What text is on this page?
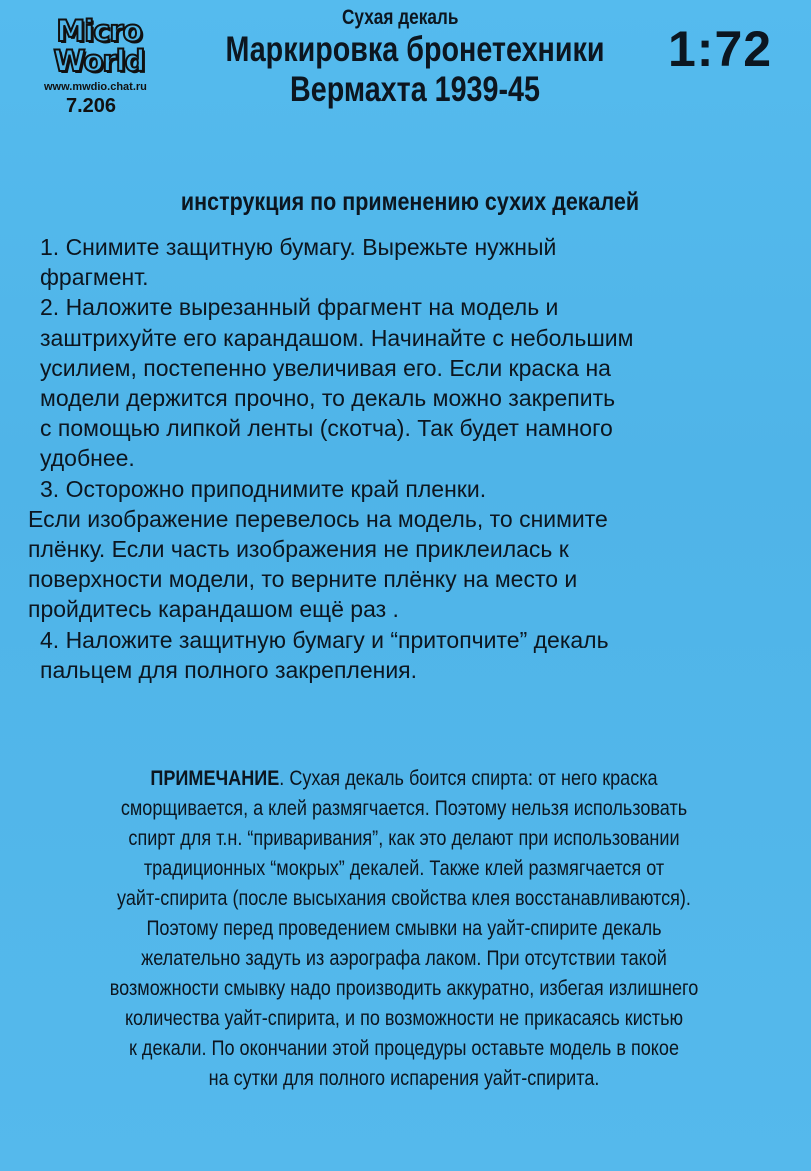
Micro
World
www.mwdio.chat.ru
7.206
Сухая декаль
Маркировка бронетехники
Вермахта 1939-45
1:72
инструкция по применению сухих декалей

1. Снимите защитную бумагу. Вырежьте нужный
фрагмент.

2. Наложите вырезанный фрагмент на модель и
заштрихуйте его карандашом. Начинайте с небольшим
усилием, постепенно увеличивая его. Если краска на
модели держится прочно, то декаль можно закрепить
с помощью липкой ленты (скотча). Так будет намного
удобнее.

3. Осторожно приподнимите край пленки.

Если изображение перевелось на модель, то снимите
плёнку. Если часть изображения не приклеилась к
поверхности модели, то верните плёнку на место и
пройдитесь карандашом ещё раз .

4. Наложите защитную бумагу и “притопчите” декаль
пальцем для полного закрепления.

ПРИМЕЧАНИЕ. Сухая декаль боится спирта: от него краска
сморщивается, а клей размягчается. Поэтому нельзя использовать
спирт для т.н. “приваривания”, как это делают при использовании
традиционных “мокрых” декалей. Также клей размягчается от
уайт-спирита (после высыхания свойства клея восстанавливаются).
Поэтому перед проведением смывки на уайт-спирите декаль
желательно задуть из аэрографа лаком. При отсутствии такой
возможности смывку надо производить аккуратно, избегая излишнего
количества уайт-спирита, и по возможности не прикасаясь кистью
к декали. По окончании этой процедуры оставьте модель в покое
на сутки для полного испарения уайт-спирита.
